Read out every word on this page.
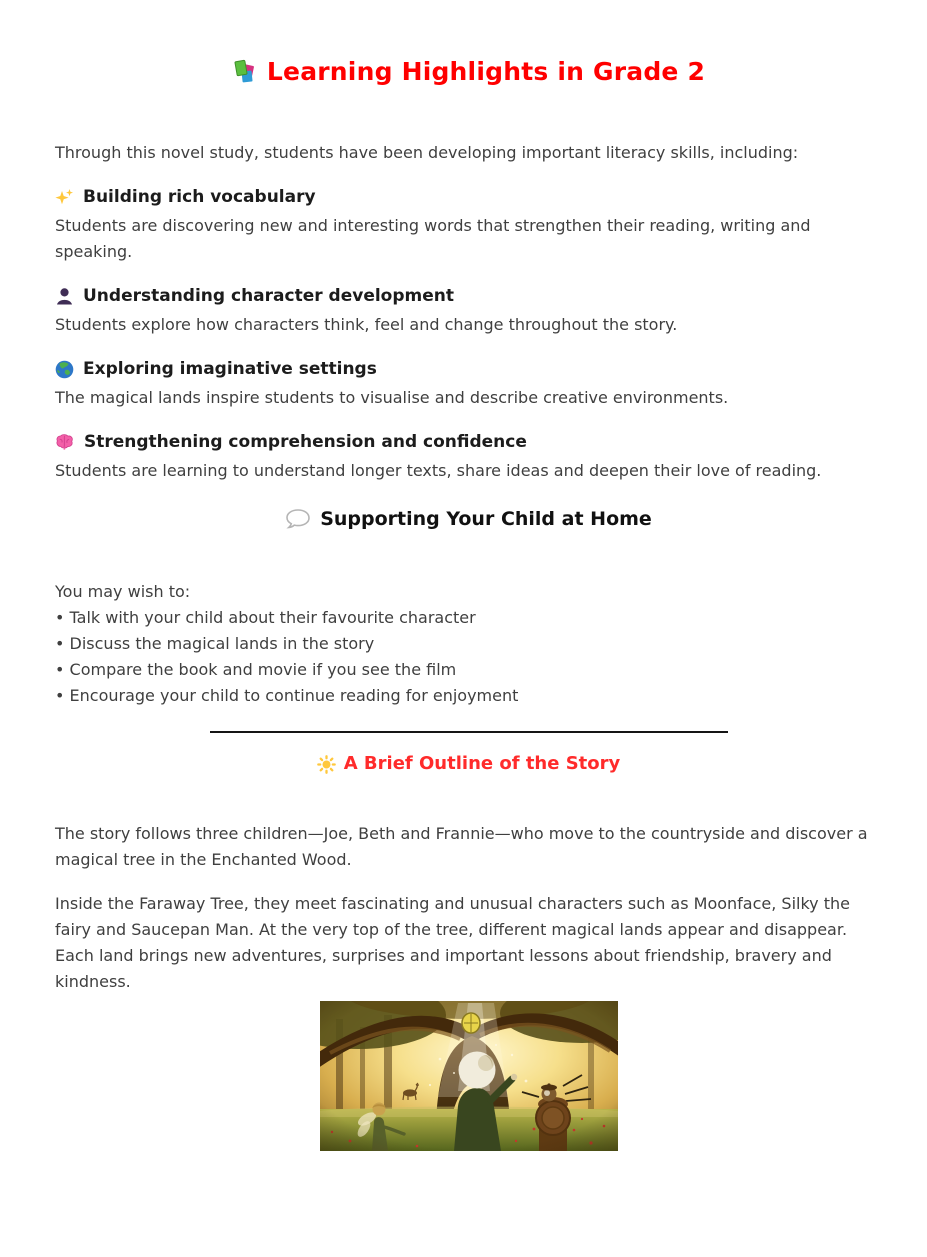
Learning Highlights in Grade 2

Through this novel study, students have been developing important literacy skills, including:

Building rich vocabulary

Students are discovering new and interesting words that strengthen their reading, writing and speaking.

Understanding character development

Students explore how characters think, feel and change throughout the story.

Exploring imaginative settings

The magical lands inspire students to visualise and describe creative environments.

Strengthening comprehension and confidence

Students are learning to understand longer texts, share ideas and deepen their love of reading.

Supporting Your Child at Home
You may wish to:
• Talk with your child about their favourite character
• Discuss the magical lands in the story
• Compare the book and movie if you see the film
• Encourage your child to continue reading for enjoyment
A Brief Outline of the Story

The story follows three children—Joe, Beth and Frannie—who move to the countryside and discover a magical tree in the Enchanted Wood.

Inside the Faraway Tree, they meet fascinating and unusual characters such as Moonface, Silky the fairy and Saucepan Man. At the very top of the tree, different magical lands appear and disappear. Each land brings new adventures, surprises and important lessons about friendship, bravery and kindness.
